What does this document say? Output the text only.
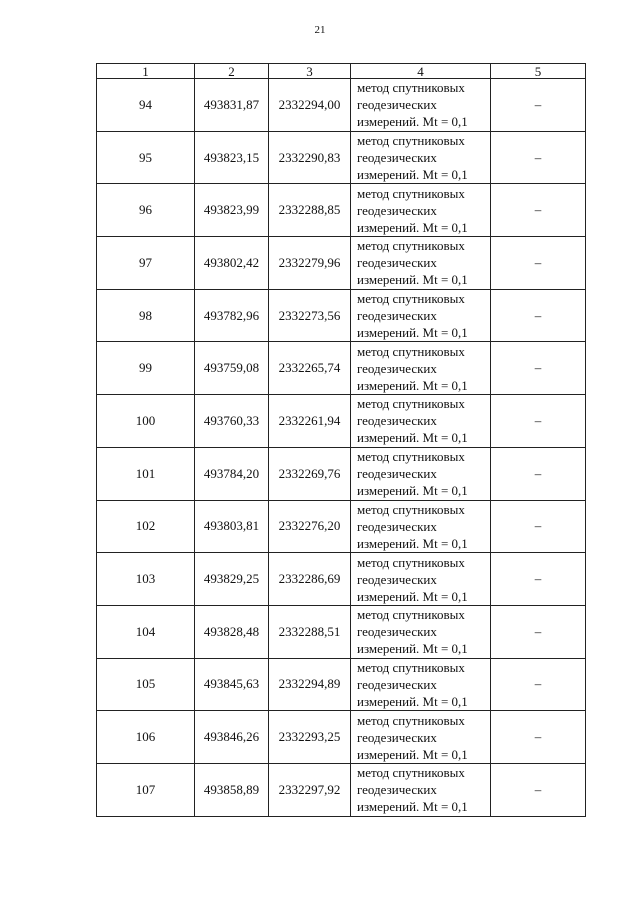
21
1	2	3	4	5
94	493831,87	2332294,00	метод спутниковых
геодезических
измерений. Mt = 0,1	–
95	493823,15	2332290,83	метод спутниковых
геодезических
измерений. Mt = 0,1	–
96	493823,99	2332288,85	метод спутниковых
геодезических
измерений. Mt = 0,1	–
97	493802,42	2332279,96	метод спутниковых
геодезических
измерений. Mt = 0,1	–
98	493782,96	2332273,56	метод спутниковых
геодезических
измерений. Mt = 0,1	–
99	493759,08	2332265,74	метод спутниковых
геодезических
измерений. Mt = 0,1	–
100	493760,33	2332261,94	метод спутниковых
геодезических
измерений. Mt = 0,1	–
101	493784,20	2332269,76	метод спутниковых
геодезических
измерений. Mt = 0,1	–
102	493803,81	2332276,20	метод спутниковых
геодезических
измерений. Mt = 0,1	–
103	493829,25	2332286,69	метод спутниковых
геодезических
измерений. Mt = 0,1	–
104	493828,48	2332288,51	метод спутниковых
геодезических
измерений. Mt = 0,1	–
105	493845,63	2332294,89	метод спутниковых
геодезических
измерений. Mt = 0,1	–
106	493846,26	2332293,25	метод спутниковых
геодезических
измерений. Mt = 0,1	–
107	493858,89	2332297,92	метод спутниковых
геодезических
измерений. Mt = 0,1	–
